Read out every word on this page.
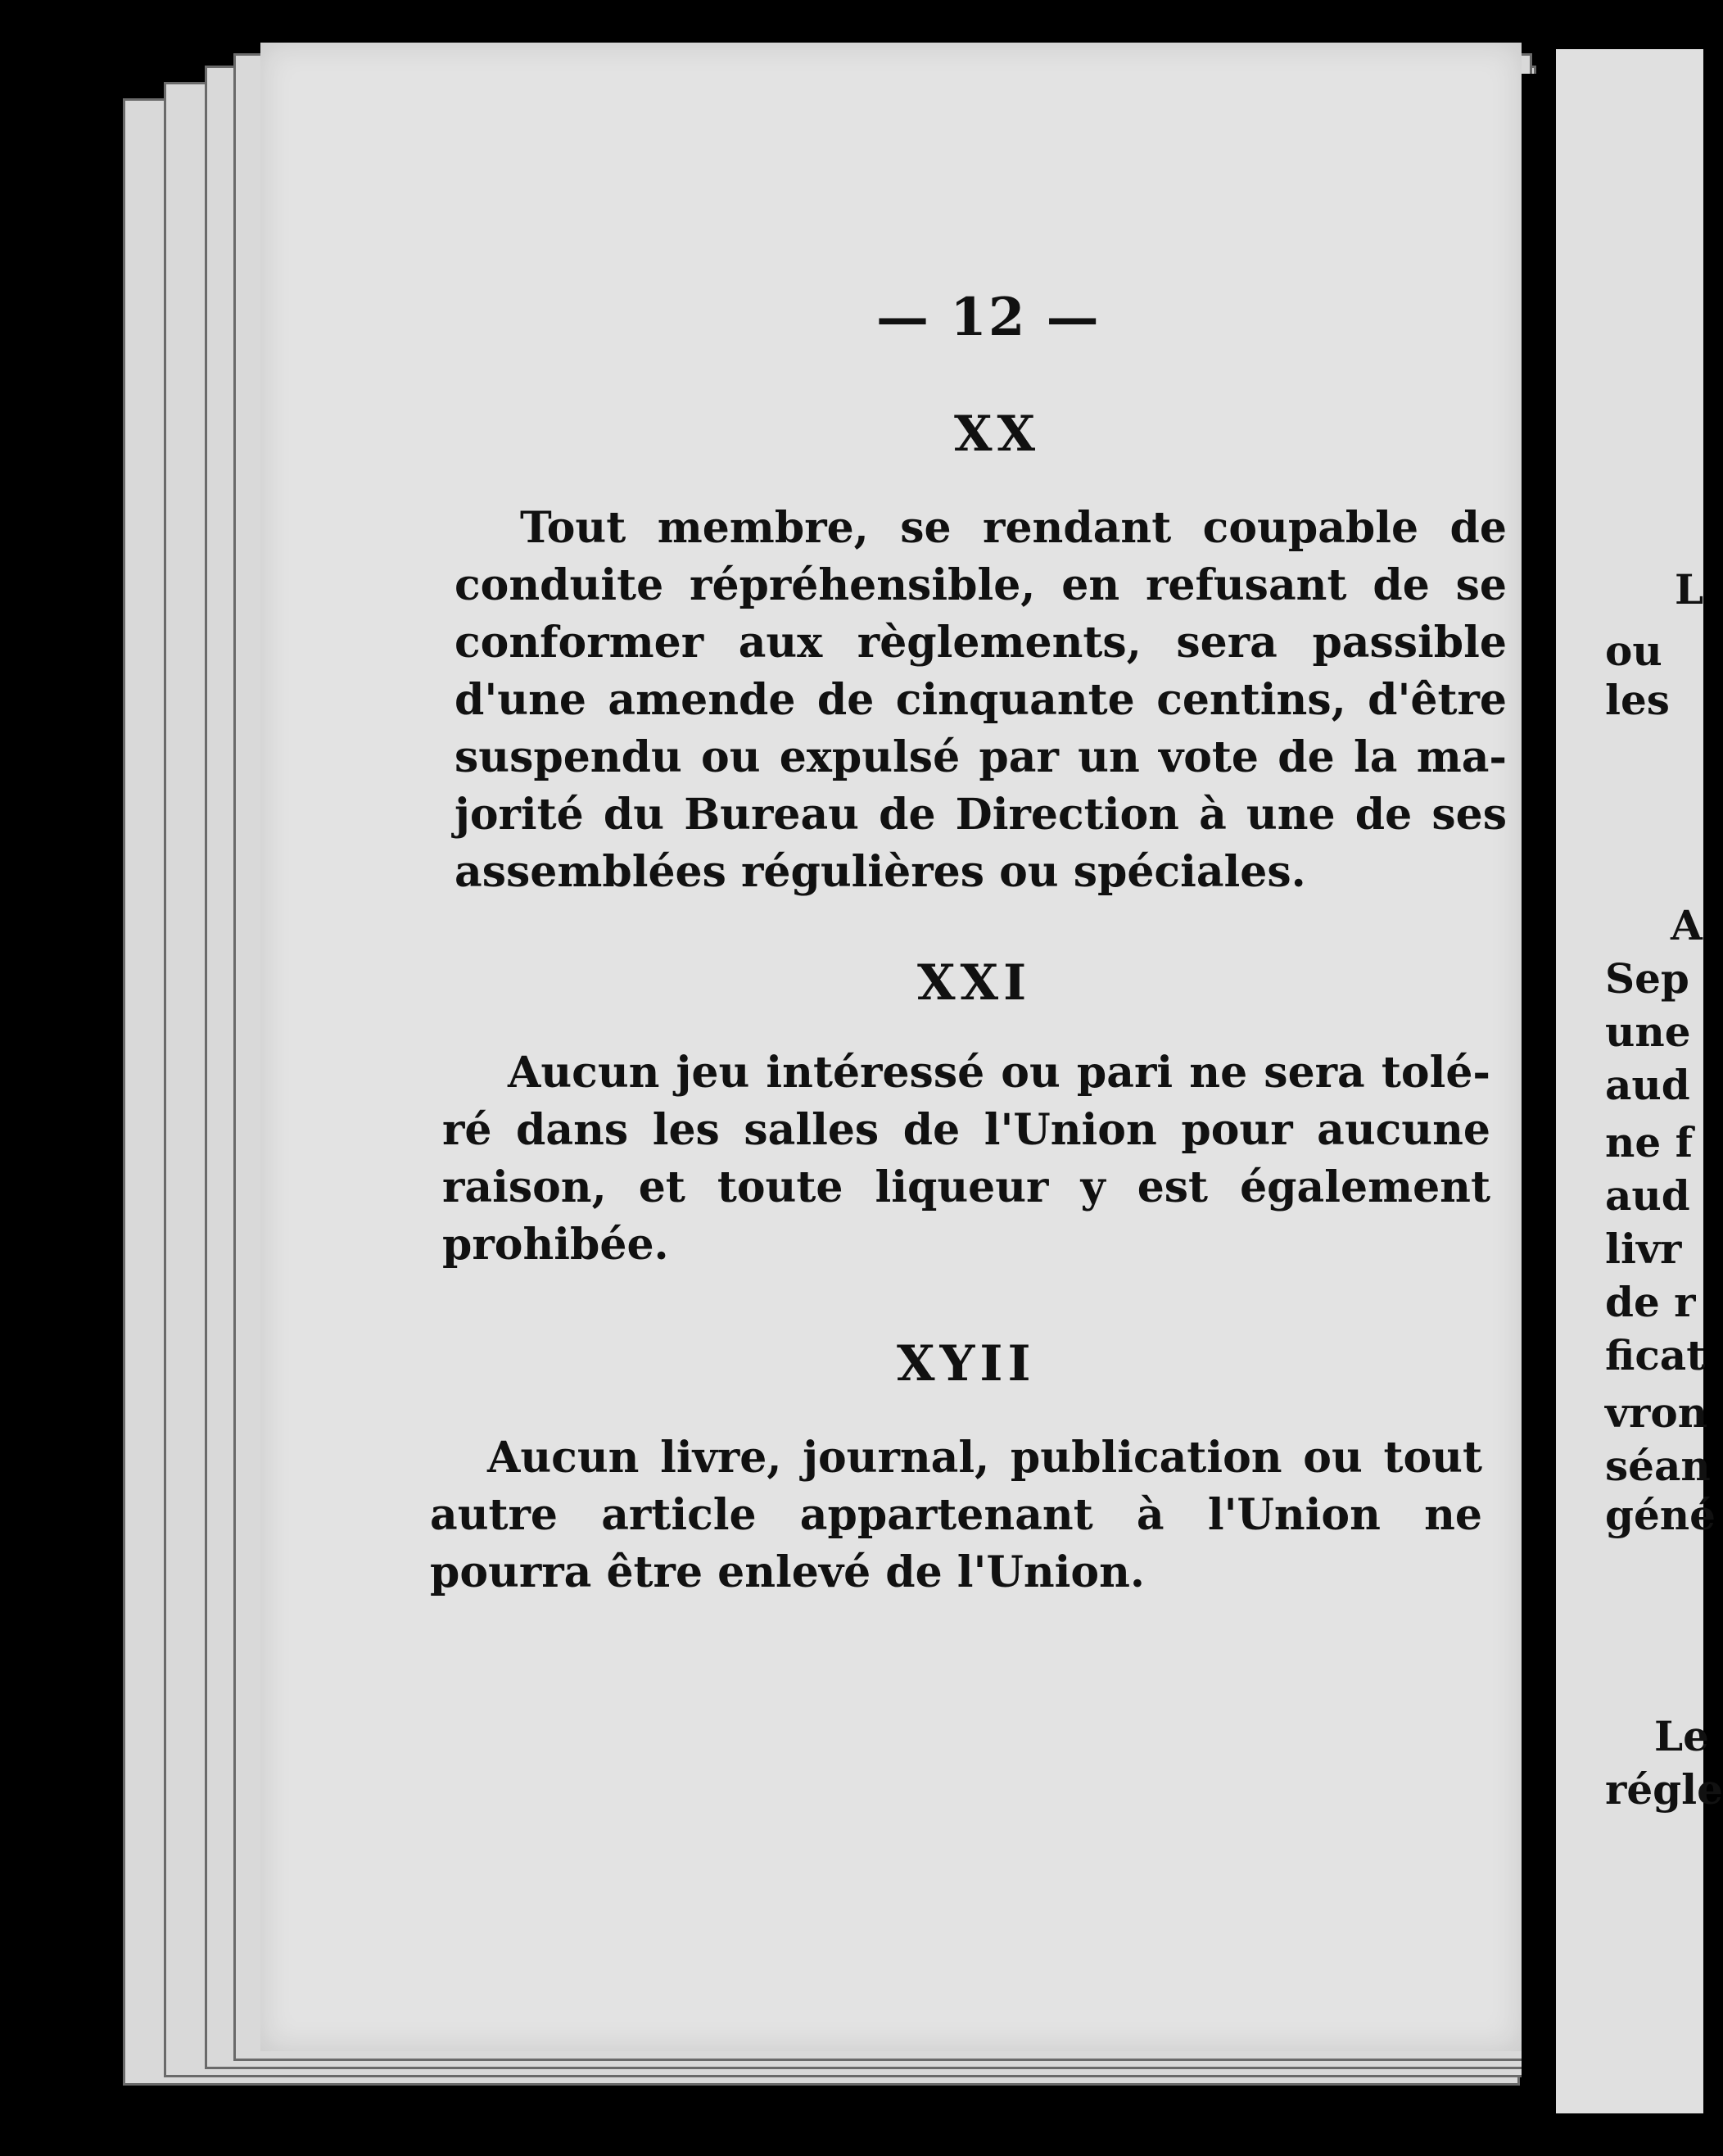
— 12 —

XX

Tout membre, se rendant coupable de
conduite répréhensible, en refusant de se
conformer aux règlements, sera passible
d'une amende de cinquante centins, d'être
suspendu ou expulsé par un vote de la ma-
jorité du Bureau de Direction à une de ses
assemblées régulières ou spéciales.

XXI

Aucun jeu intéressé ou pari ne sera tolé-
ré dans les salles de l'Union pour aucune
raison, et toute liqueur y est également
prohibée.

XYII

Aucun livre, journal, publication ou tout
autre article appartenant à l'Union ne
pourra être enlevé de l'Union.
L
ou
les
A
Sep
une
aud
ne f
aud
livr
de r
ficat
vron
séan
géné
Le
régle
